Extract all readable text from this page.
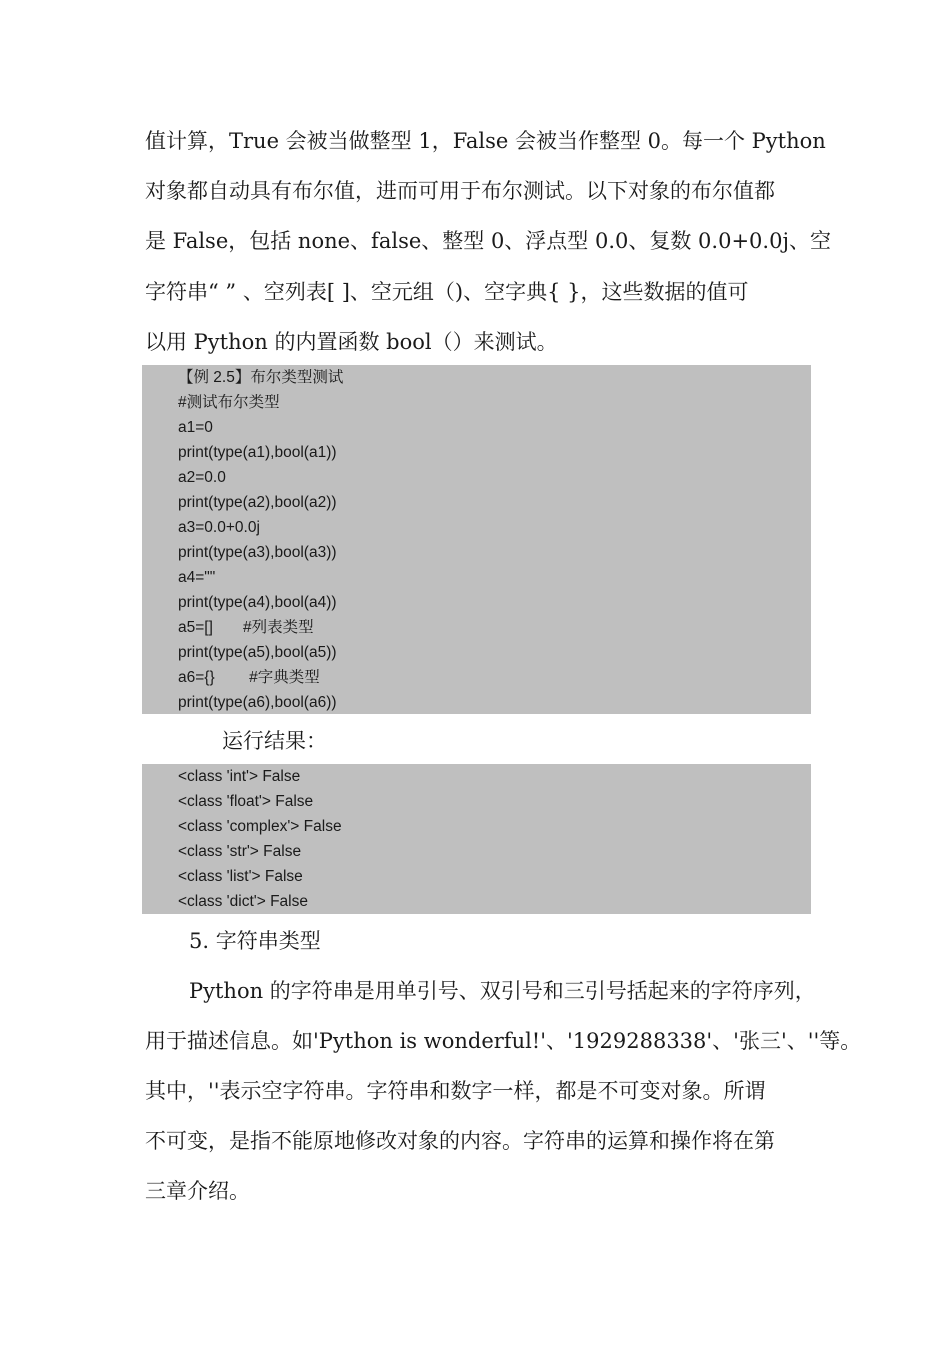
值计算，True 会被当做整型 1，False 会被当作整型 0。每一个 Python
对象都自动具有布尔值，进而可用于布尔测试。以下对象的布尔值都
是 False，包括 none、false、整型 0、浮点型 0.0、复数 0.0+0.0j、空
字符串“ ” 、空列表[ ]、空元组（)、空字典{ }，这些数据的值可
以用 Python 的内置函数 bool（）来测试。
【例 2.5】布尔类型测试
#测试布尔类型
a1=0
print(type(a1),bool(a1))
a2=0.0
print(type(a2),bool(a2))
a3=0.0+0.0j
print(type(a3),bool(a3))
a4=""
print(type(a4),bool(a4))
a5=[]       #列表类型
print(type(a5),bool(a5))
a6={}        #字典类型
print(type(a6),bool(a6))
运行结果：
<class 'int'> False
<class 'float'> False
<class 'complex'> False
<class 'str'> False
<class 'list'> False
<class 'dict'> False
5. 字符串类型
Python 的字符串是用单引号、双引号和三引号括起来的字符序列，
用于描述信息。如'Python is wonderful!'、'1929288338'、'张三'、''等。
其中，''表示空字符串。字符串和数字一样，都是不可变对象。所谓
不可变，是指不能原地修改对象的内容。字符串的运算和操作将在第
三章介绍。
